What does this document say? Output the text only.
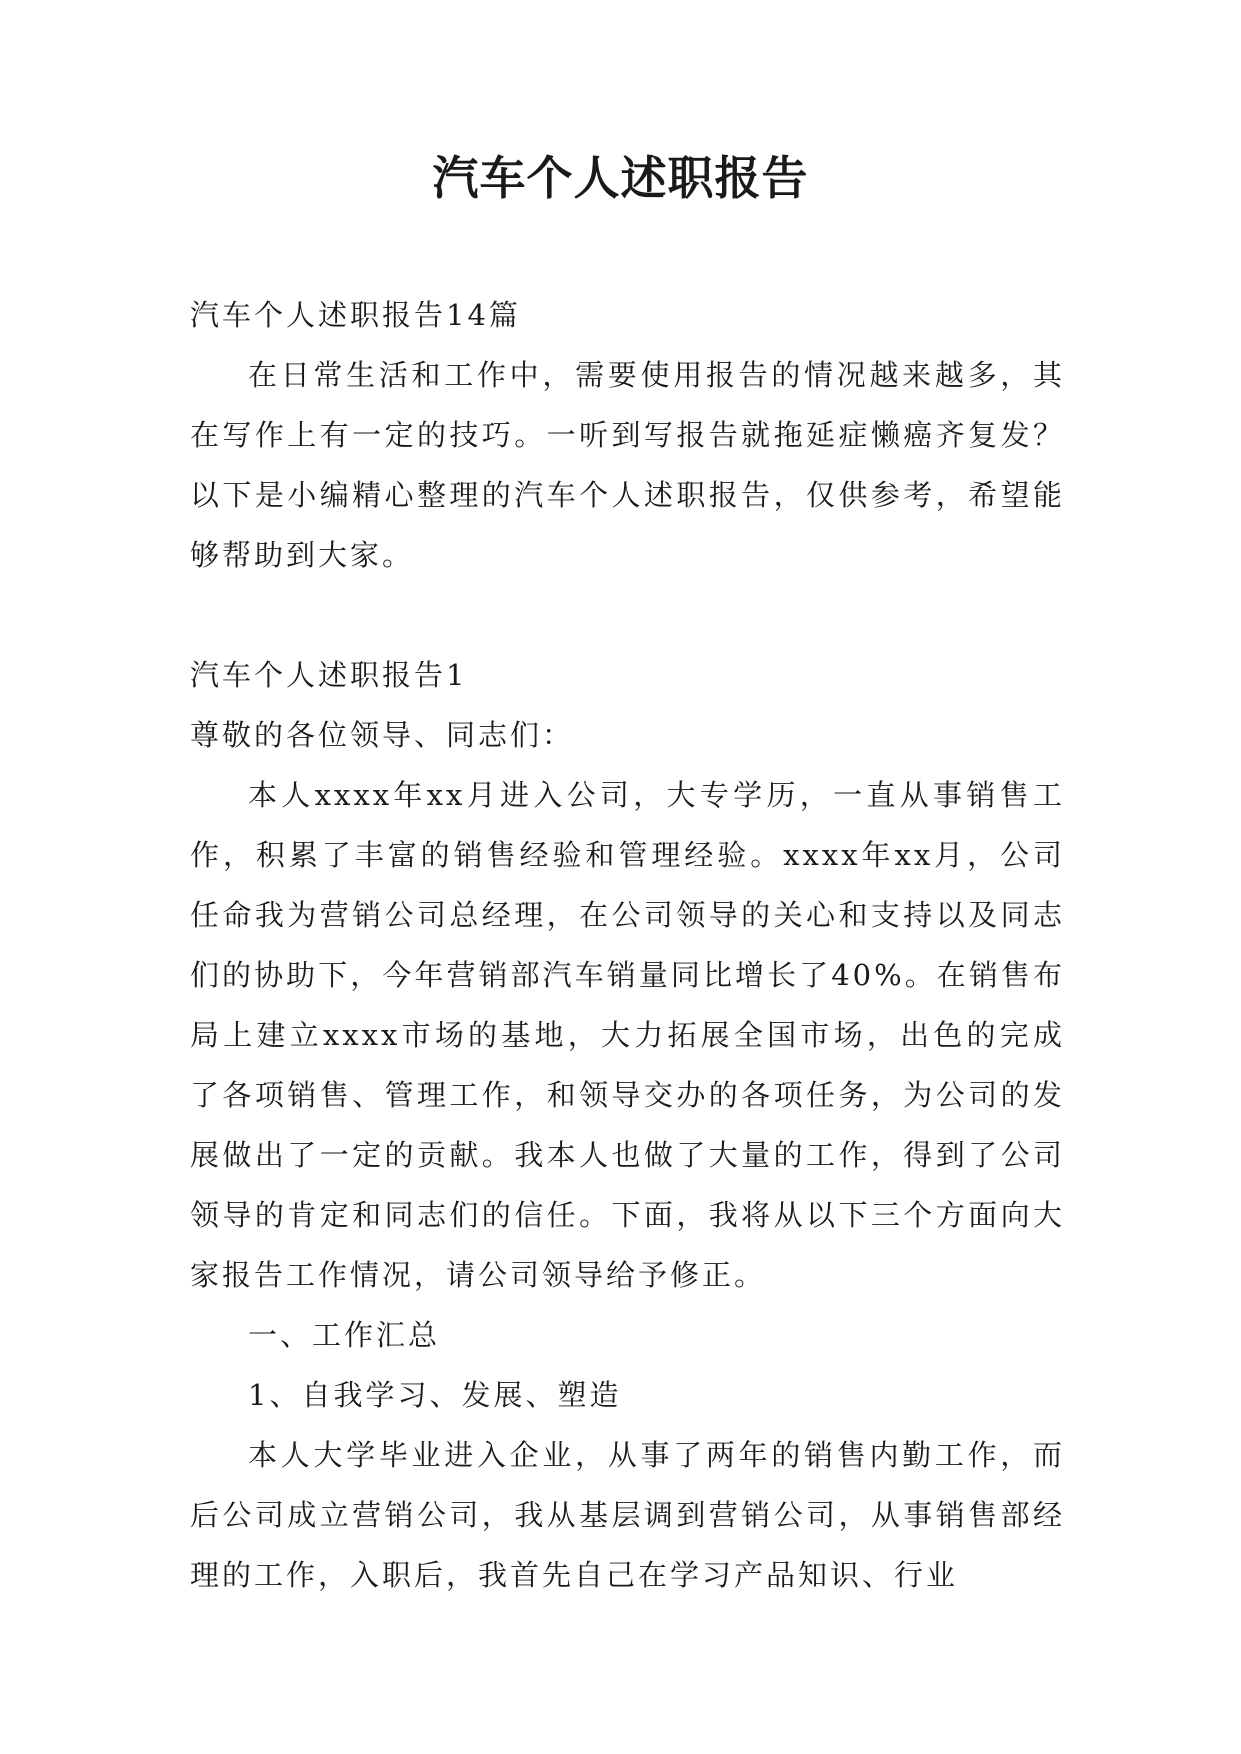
汽车个人述职报告

汽车个人述职报告14篇

在日常生活和工作中，需要使用报告的情况越来越多，其在写作上有一定的技巧。一听到写报告就拖延症懒癌齐复发？以下是小编精心整理的汽车个人述职报告，仅供参考，希望能够帮助到大家。

汽车个人述职报告1

尊敬的各位领导、同志们：

本人xxxx年xx月进入公司，大专学历，一直从事销售工作，积累了丰富的销售经验和管理经验。xxxx年xx月，公司任命我为营销公司总经理，在公司领导的关心和支持以及同志们的协助下，今年营销部汽车销量同比增长了40%。在销售布局上建立xxxx市场的基地，大力拓展全国市场，出色的完成了各项销售、管理工作，和领导交办的各项任务，为公司的发展做出了一定的贡献。我本人也做了大量的工作，得到了公司领导的肯定和同志们的信任。下面，我将从以下三个方面向大家报告工作情况，请公司领导给予修正。

一、工作汇总

1、自我学习、发展、塑造

本人大学毕业进入企业，从事了两年的销售内勤工作，而后公司成立营销公司，我从基层调到营销公司，从事销售部经理的工作，入职后，我首先自己在学习产品知识、行业
